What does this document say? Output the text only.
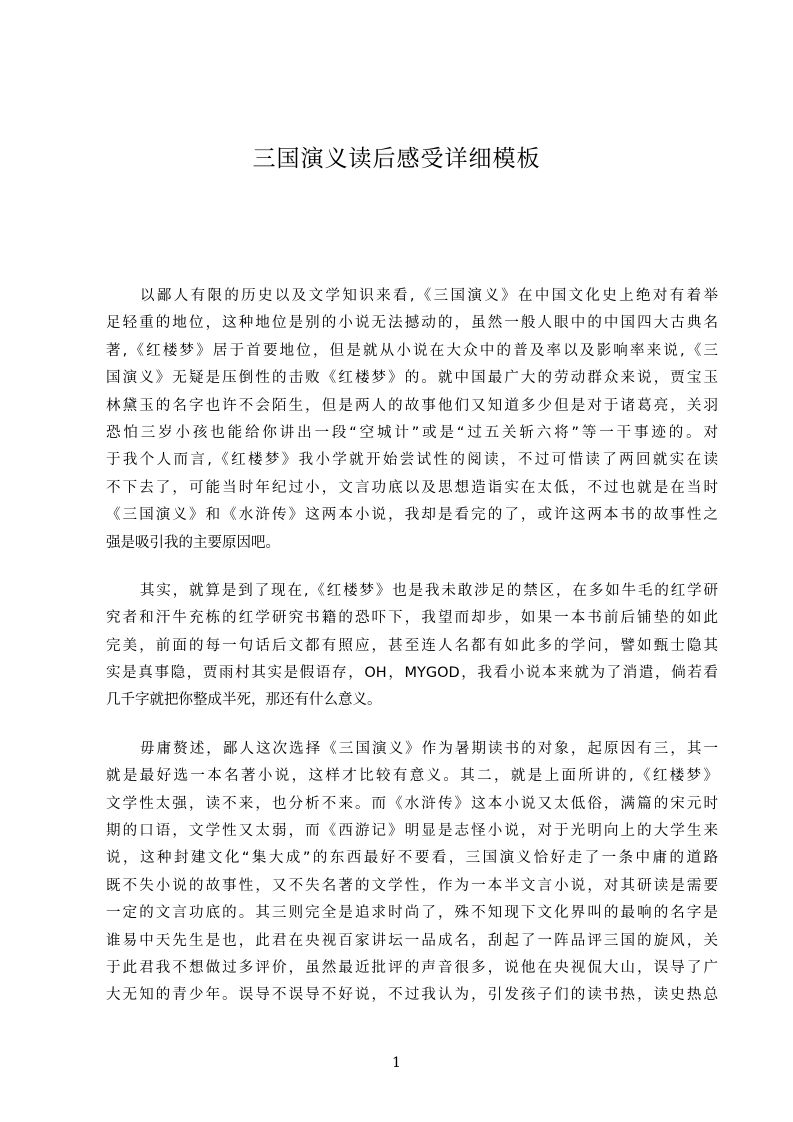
三国演义读后感受详细模板

以鄙人有限的历史以及文学知识来看,《三国演义》在中国文化史上绝对有着举
足轻重的地位，这种地位是别的小说无法撼动的，虽然一般人眼中的中国四大古典名
著,《红楼梦》居于首要地位，但是就从小说在大众中的普及率以及影响率来说,《三
国演义》无疑是压倒性的击败《红楼梦》的。就中国最广大的劳动群众来说，贾宝玉
林黛玉的名字也许不会陌生，但是两人的故事他们又知道多少但是对于诸葛亮，关羽
恐怕三岁小孩也能给你讲出一段“空城计”或是“过五关斩六将”等一干事迹的。对
于我个人而言,《红楼梦》我小学就开始尝试性的阅读，不过可惜读了两回就实在读
不下去了，可能当时年纪过小，文言功底以及思想造诣实在太低，不过也就是在当时
《三国演义》和《水浒传》这两本小说，我却是看完的了，或许这两本书的故事性之
强是吸引我的主要原因吧。

其实，就算是到了现在,《红楼梦》也是我未敢涉足的禁区，在多如牛毛的红学研
究者和汗牛充栋的红学研究书籍的恐吓下，我望而却步，如果一本书前后铺垫的如此
完美，前面的每一句话后文都有照应，甚至连人名都有如此多的学问，譬如甄士隐其
实是真事隐，贾雨村其实是假语存，OH，MYGOD，我看小说本来就为了消遣，倘若看
几千字就把你整成半死，那还有什么意义。

毋庸赘述，鄙人这次选择《三国演义》作为暑期读书的对象，起原因有三，其一
就是最好选一本名著小说，这样才比较有意义。其二，就是上面所讲的,《红楼梦》
文学性太强，读不来，也分析不来。而《水浒传》这本小说又太低俗，满篇的宋元时
期的口语，文学性又太弱，而《西游记》明显是志怪小说，对于光明向上的大学生来
说，这种封建文化“集大成”的东西最好不要看，三国演义恰好走了一条中庸的道路
既不失小说的故事性，又不失名著的文学性，作为一本半文言小说，对其研读是需要
一定的文言功底的。其三则完全是追求时尚了，殊不知现下文化界叫的最响的名字是
谁易中天先生是也，此君在央视百家讲坛一品成名，刮起了一阵品评三国的旋风，关
于此君我不想做过多评价，虽然最近批评的声音很多，说他在央视侃大山，误导了广
大无知的青少年。误导不误导不好说，不过我认为，引发孩子们的读书热，读史热总

1
